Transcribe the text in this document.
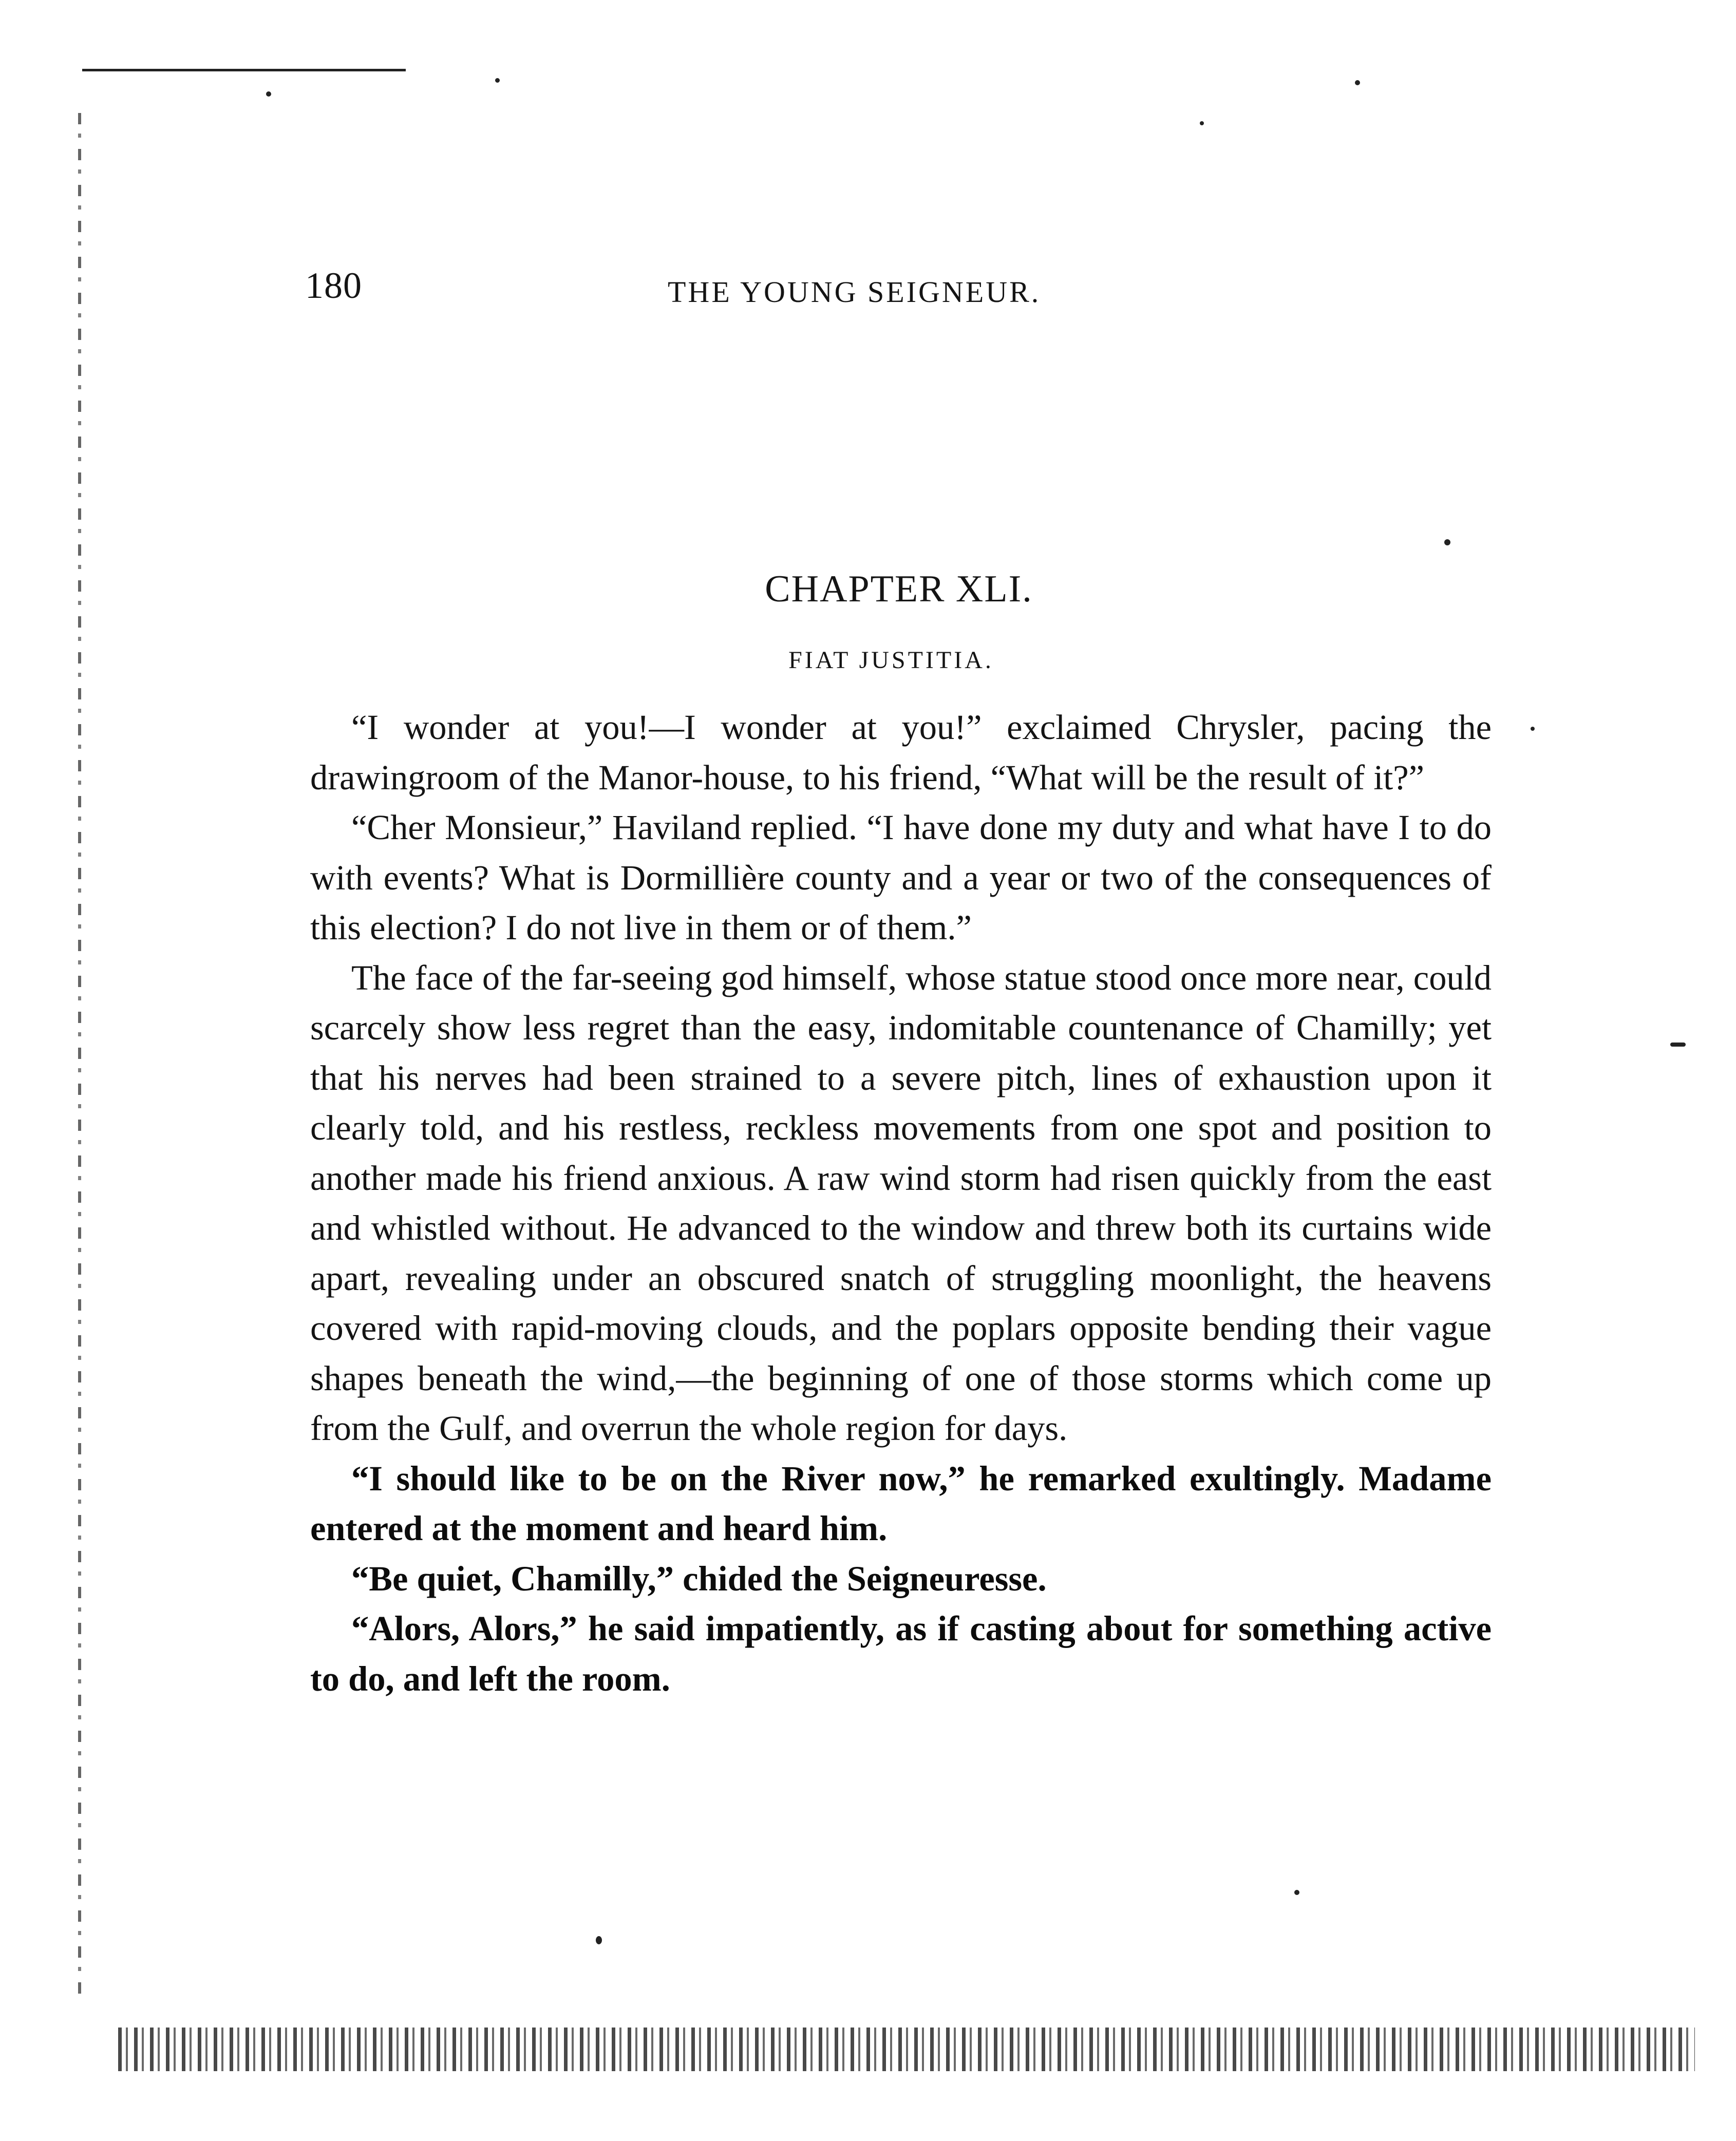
180	THE YOUNG SEIGNEUR.
CHAPTER XLI.
FIAT JUSTITIA.

“I wonder at you!—I wonder at you!” exclaimed Chrysler, pacing the drawingroom of the Manor-house, to his friend, “What will be the result of it?”

“Cher Monsieur,” Haviland replied. “I have done my duty and what have I to do with events? What is Dormillière county and a year or two of the consequences of this election? I do not live in them or of them.”

The face of the far-seeing god himself, whose statue stood once more near, could scarcely show less regret than the easy, indomitable countenance of Chamilly; yet that his nerves had been strained to a severe pitch, lines of exhaustion upon it clearly told, and his restless, reckless movements from one spot and position to another made his friend anxious. A raw wind storm had risen quickly from the east and whistled without. He advanced to the window and threw both its curtains wide apart, revealing under an obscured snatch of struggling moonlight, the heavens covered with rapid-moving clouds, and the poplars opposite bending their vague shapes beneath the wind,—the beginning of one of those storms which come up from the Gulf, and overrun the whole region for days.

“I should like to be on the River now,” he remarked exultingly. Madame entered at the moment and heard him.

“Be quiet, Chamilly,” chided the Seigneuresse.

“Alors, Alors,” he said impatiently, as if casting about for something active to do, and left the room.
